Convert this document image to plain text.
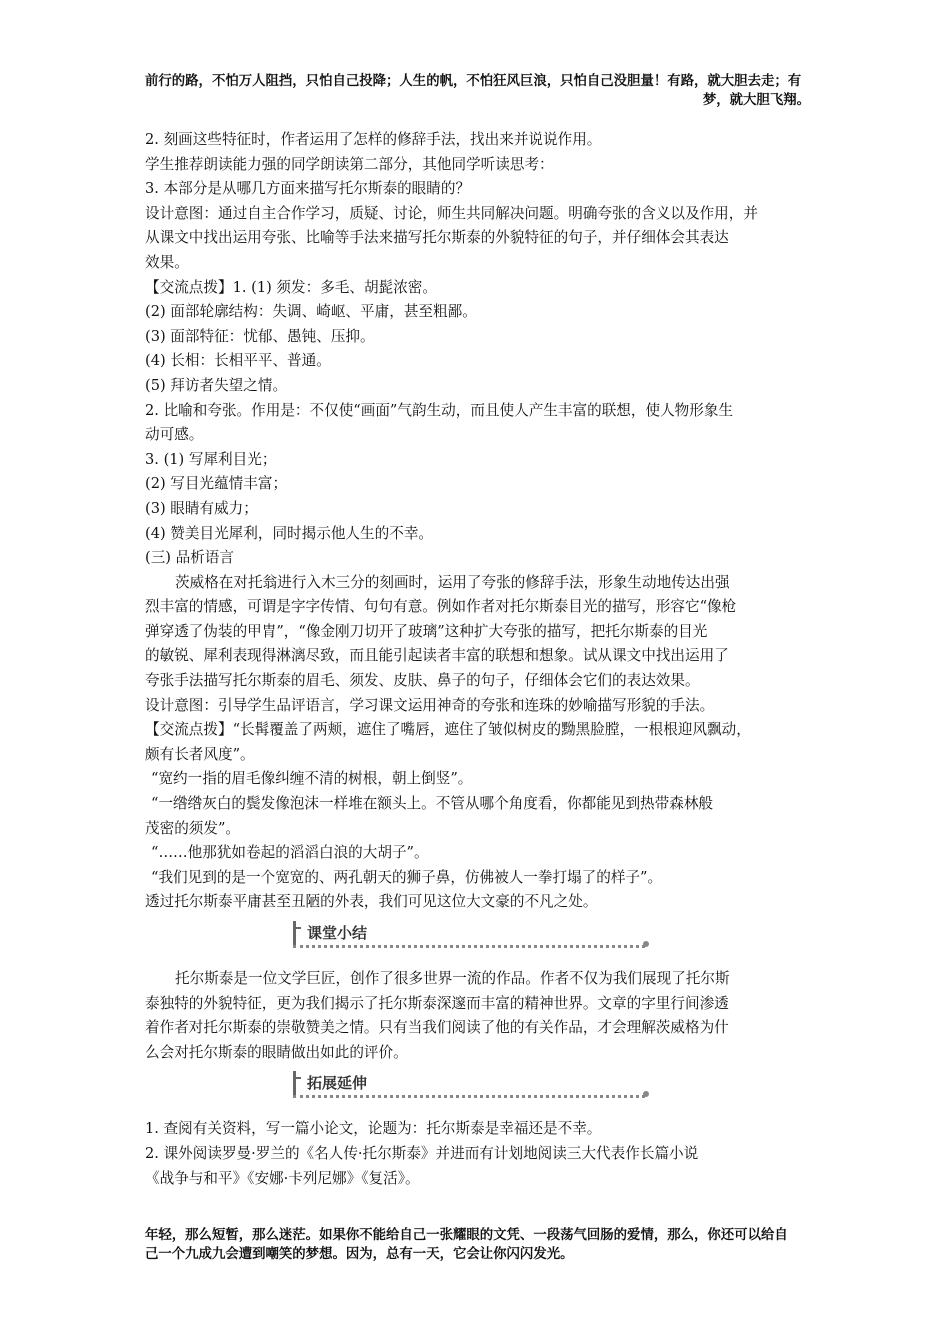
前行的路，不怕万人阻挡，只怕自己投降；人生的帆，不怕狂风巨浪，只怕自己没胆量！有路，就大胆去走；有
梦，就大胆飞翔。
2. 刻画这些特征时，作者运用了怎样的修辞手法，找出来并说说作用。
学生推荐朗读能力强的同学朗读第二部分，其他同学听读思考：
3. 本部分是从哪几方面来描写托尔斯泰的眼睛的？
设计意图：通过自主合作学习，质疑、讨论，师生共同解决问题。明确夸张的含义以及作用，并
从课文中找出运用夸张、比喻等手法来描写托尔斯泰的外貌特征的句子，并仔细体会其表达
效果。
【交流点拨】1. (1) 须发：多毛、胡髭浓密。
(2) 面部轮廓结构：失调、崎岖、平庸，甚至粗鄙。
(3) 面部特征：忧郁、愚钝、压抑。
(4) 长相：长相平平、普通。
(5) 拜访者失望之情。
2. 比喻和夸张。作用是：不仅使“画面”气韵生动，而且使人产生丰富的联想，使人物形象生
动可感。
3. (1) 写犀利目光；
(2) 写目光蕴情丰富；
(3) 眼睛有威力；
(4) 赞美目光犀利，同时揭示他人生的不幸。
(三) 品析语言
茨威格在对托翁进行入木三分的刻画时，运用了夸张的修辞手法，形象生动地传达出强
烈丰富的情感，可谓是字字传情、句句有意。例如作者对托尔斯泰目光的描写，形容它“像枪
弹穿透了伪装的甲胄”，“像金刚刀切开了玻璃”这种扩大夸张的描写，把托尔斯泰的目光
的敏锐、犀利表现得淋漓尽致，而且能引起读者丰富的联想和想象。试从课文中找出运用了
夸张手法描写托尔斯泰的眉毛、须发、皮肤、鼻子的句子，仔细体会它们的表达效果。
设计意图：引导学生品评语言，学习课文运用神奇的夸张和连珠的妙喻描写形貌的手法。
【交流点拨】“长髯覆盖了两颊，遮住了嘴唇，遮住了皱似树皮的黝黑脸膛，一根根迎风飘动，
颇有长者风度”。
“宽约一指的眉毛像纠缠不清的树根，朝上倒竖”。
“一绺绺灰白的鬓发像泡沫一样堆在额头上。不管从哪个角度看，你都能见到热带森林般
茂密的须发”。
“……他那犹如卷起的滔滔白浪的大胡子”。
“我们见到的是一个宽宽的、两孔朝天的狮子鼻，仿佛被人一拳打塌了的样子”。
透过托尔斯泰平庸甚至丑陋的外表，我们可见这位大文豪的不凡之处。
课堂小结
托尔斯泰是一位文学巨匠，创作了很多世界一流的作品。作者不仅为我们展现了托尔斯
泰独特的外貌特征，更为我们揭示了托尔斯泰深邃而丰富的精神世界。文章的字里行间渗透
着作者对托尔斯泰的崇敬赞美之情。只有当我们阅读了他的有关作品，才会理解茨威格为什
么会对托尔斯泰的眼睛做出如此的评价。
拓展延伸
1. 查阅有关资料，写一篇小论文，论题为：托尔斯泰是幸福还是不幸。
2. 课外阅读罗曼·罗兰的《名人传·托尔斯泰》并进而有计划地阅读三大代表作长篇小说
《战争与和平》《安娜·卡列尼娜》《复活》。
年轻，那么短暂，那么迷茫。如果你不能给自己一张耀眼的文凭、一段荡气回肠的爱情，那么，你还可以给自
己一个九成九会遭到嘲笑的梦想。因为，总有一天，它会让你闪闪发光。
